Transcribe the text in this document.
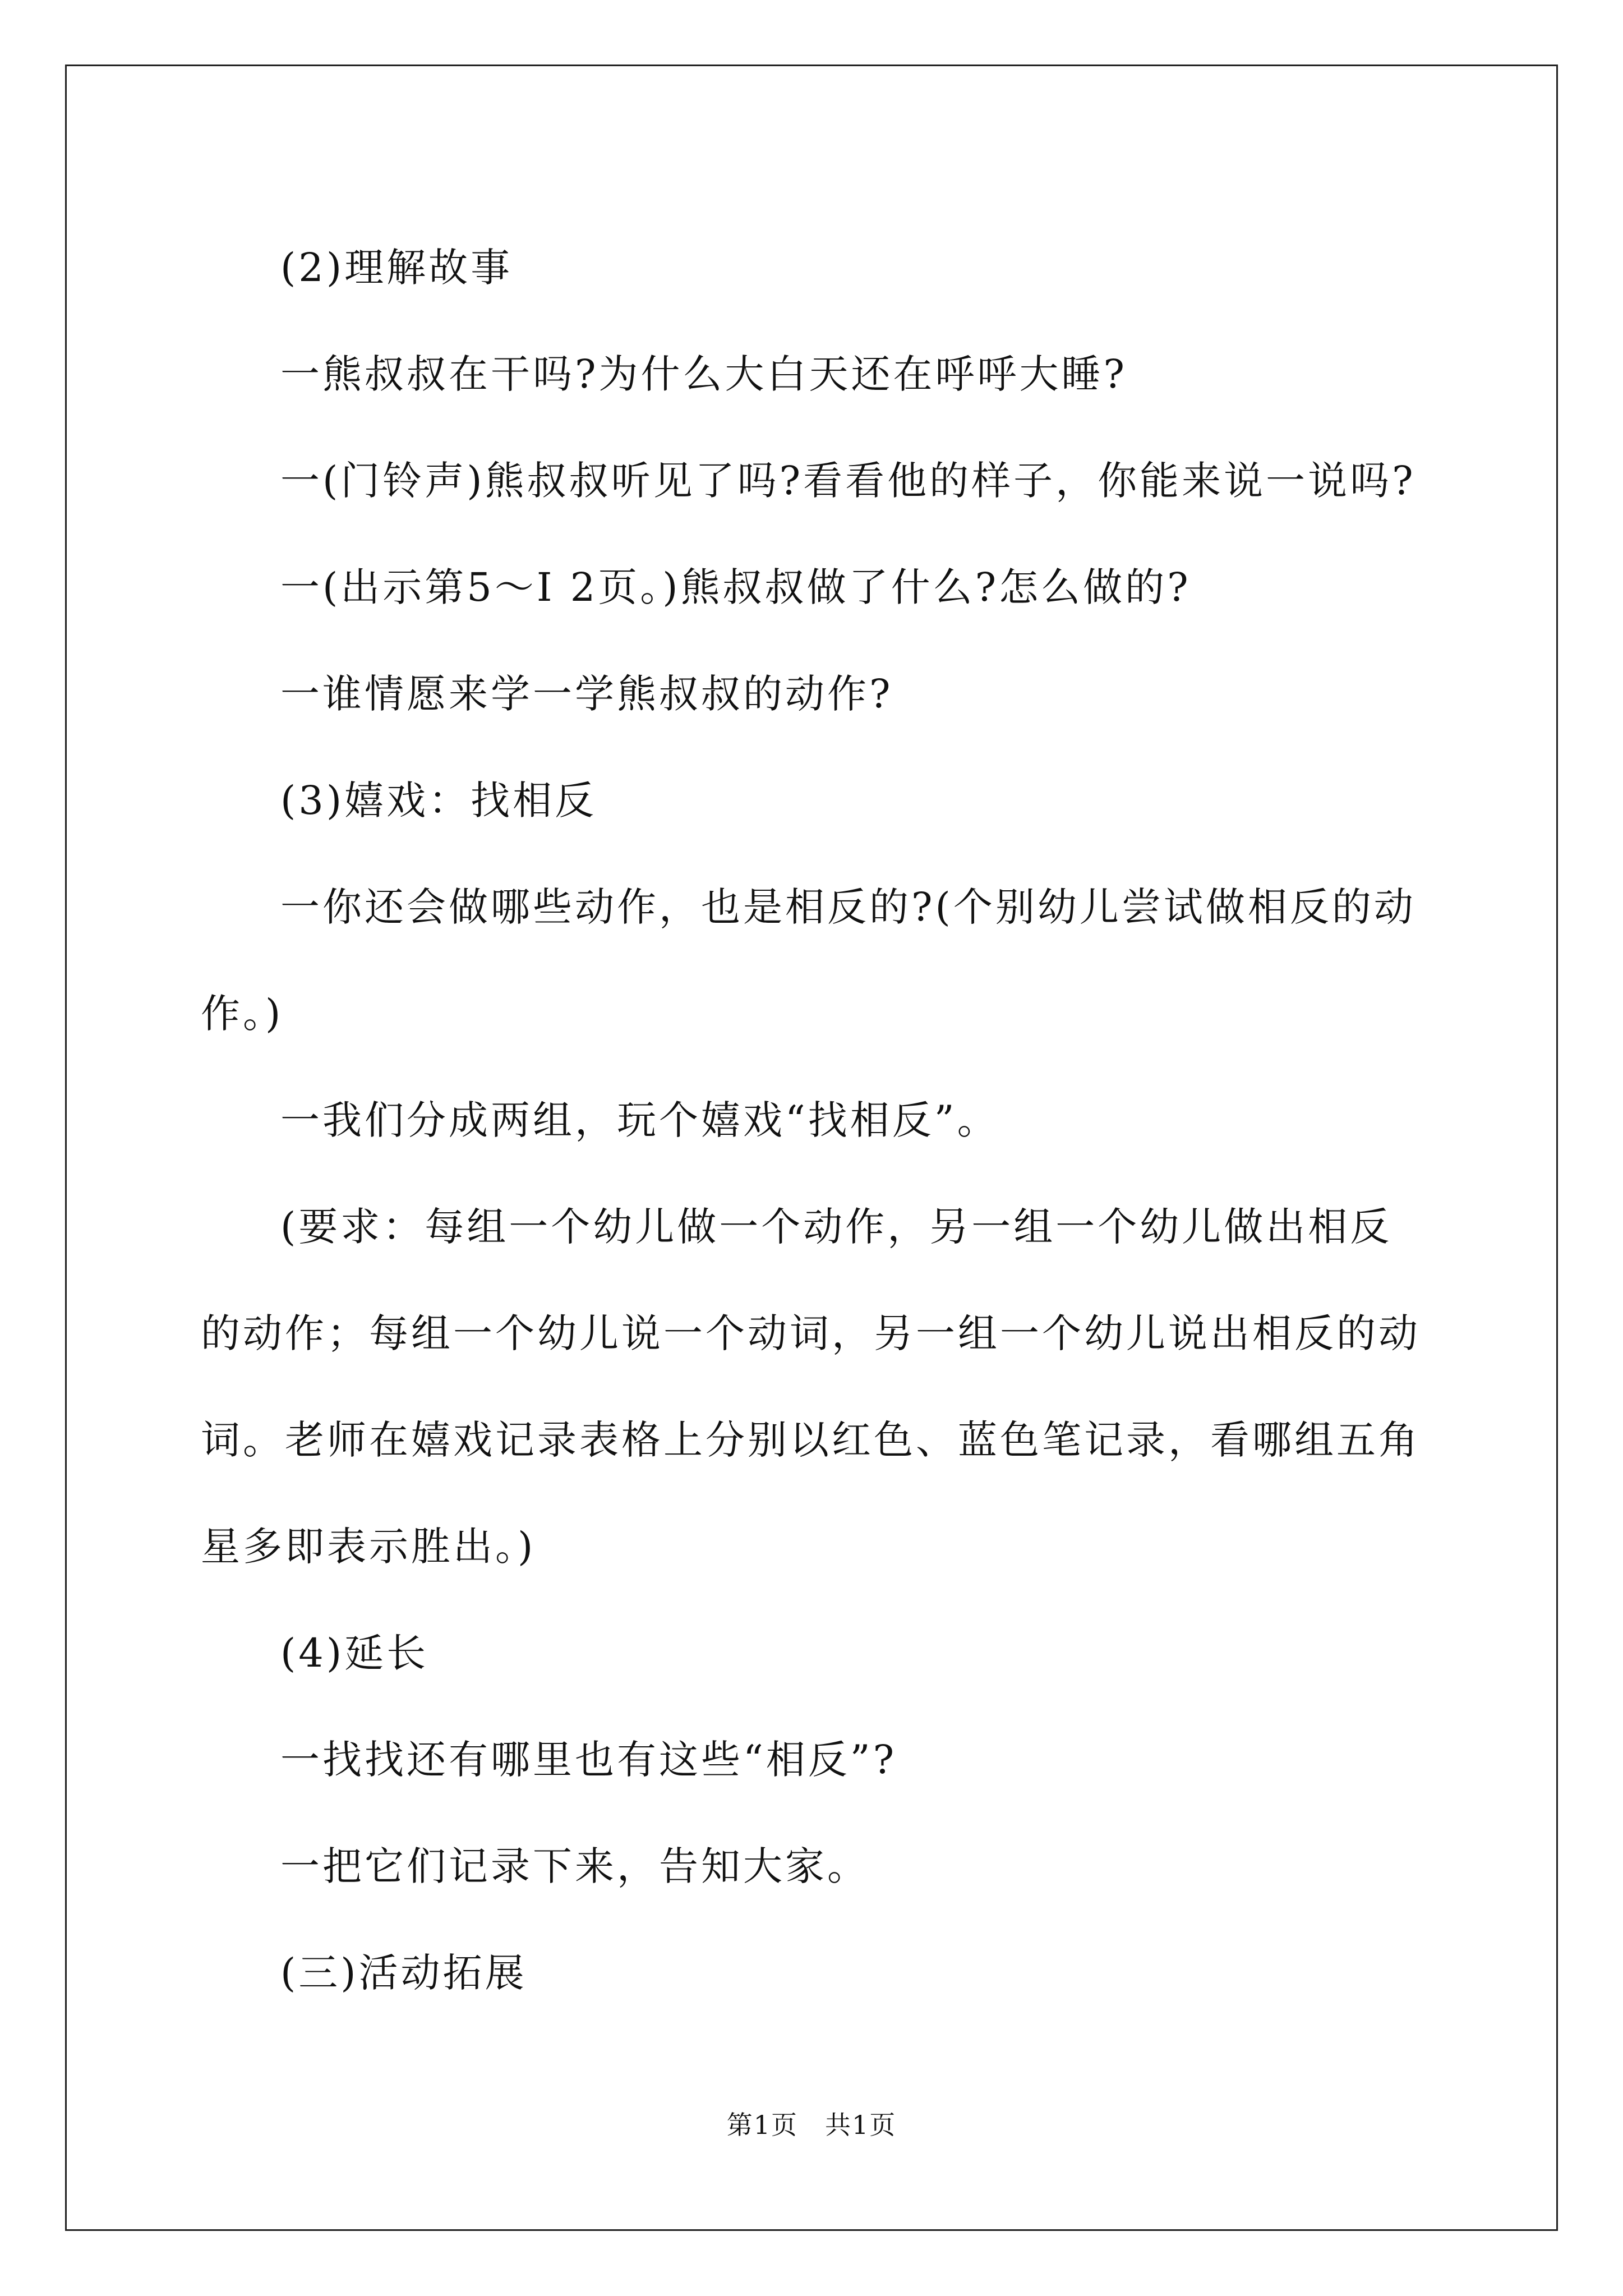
(2)理解故事
一熊叔叔在干吗?为什么大白天还在呼呼大睡?
一(门铃声)熊叔叔听见了吗?看看他的样子，你能来说一说吗?
一(出示第5～I 2页。)熊叔叔做了什么?怎么做的?
一谁情愿来学一学熊叔叔的动作?
(3)嬉戏：找相反
一你还会做哪些动作，也是相反的?(个别幼儿尝试做相反的动作。)
一我们分成两组，玩个嬉戏“找相反”。
(要求：每组一个幼儿做一个动作，另一组一个幼儿做出相反的动作；每组一个幼儿说一个动词，另一组一个幼儿说出相反的动词。老师在嬉戏记录表格上分别以红色、蓝色笔记录，看哪组五角星多即表示胜出。)
(4)延长
一找找还有哪里也有这些“相反”?
一把它们记录下来，告知大家。
(三)活动拓展
第1页　共1页
